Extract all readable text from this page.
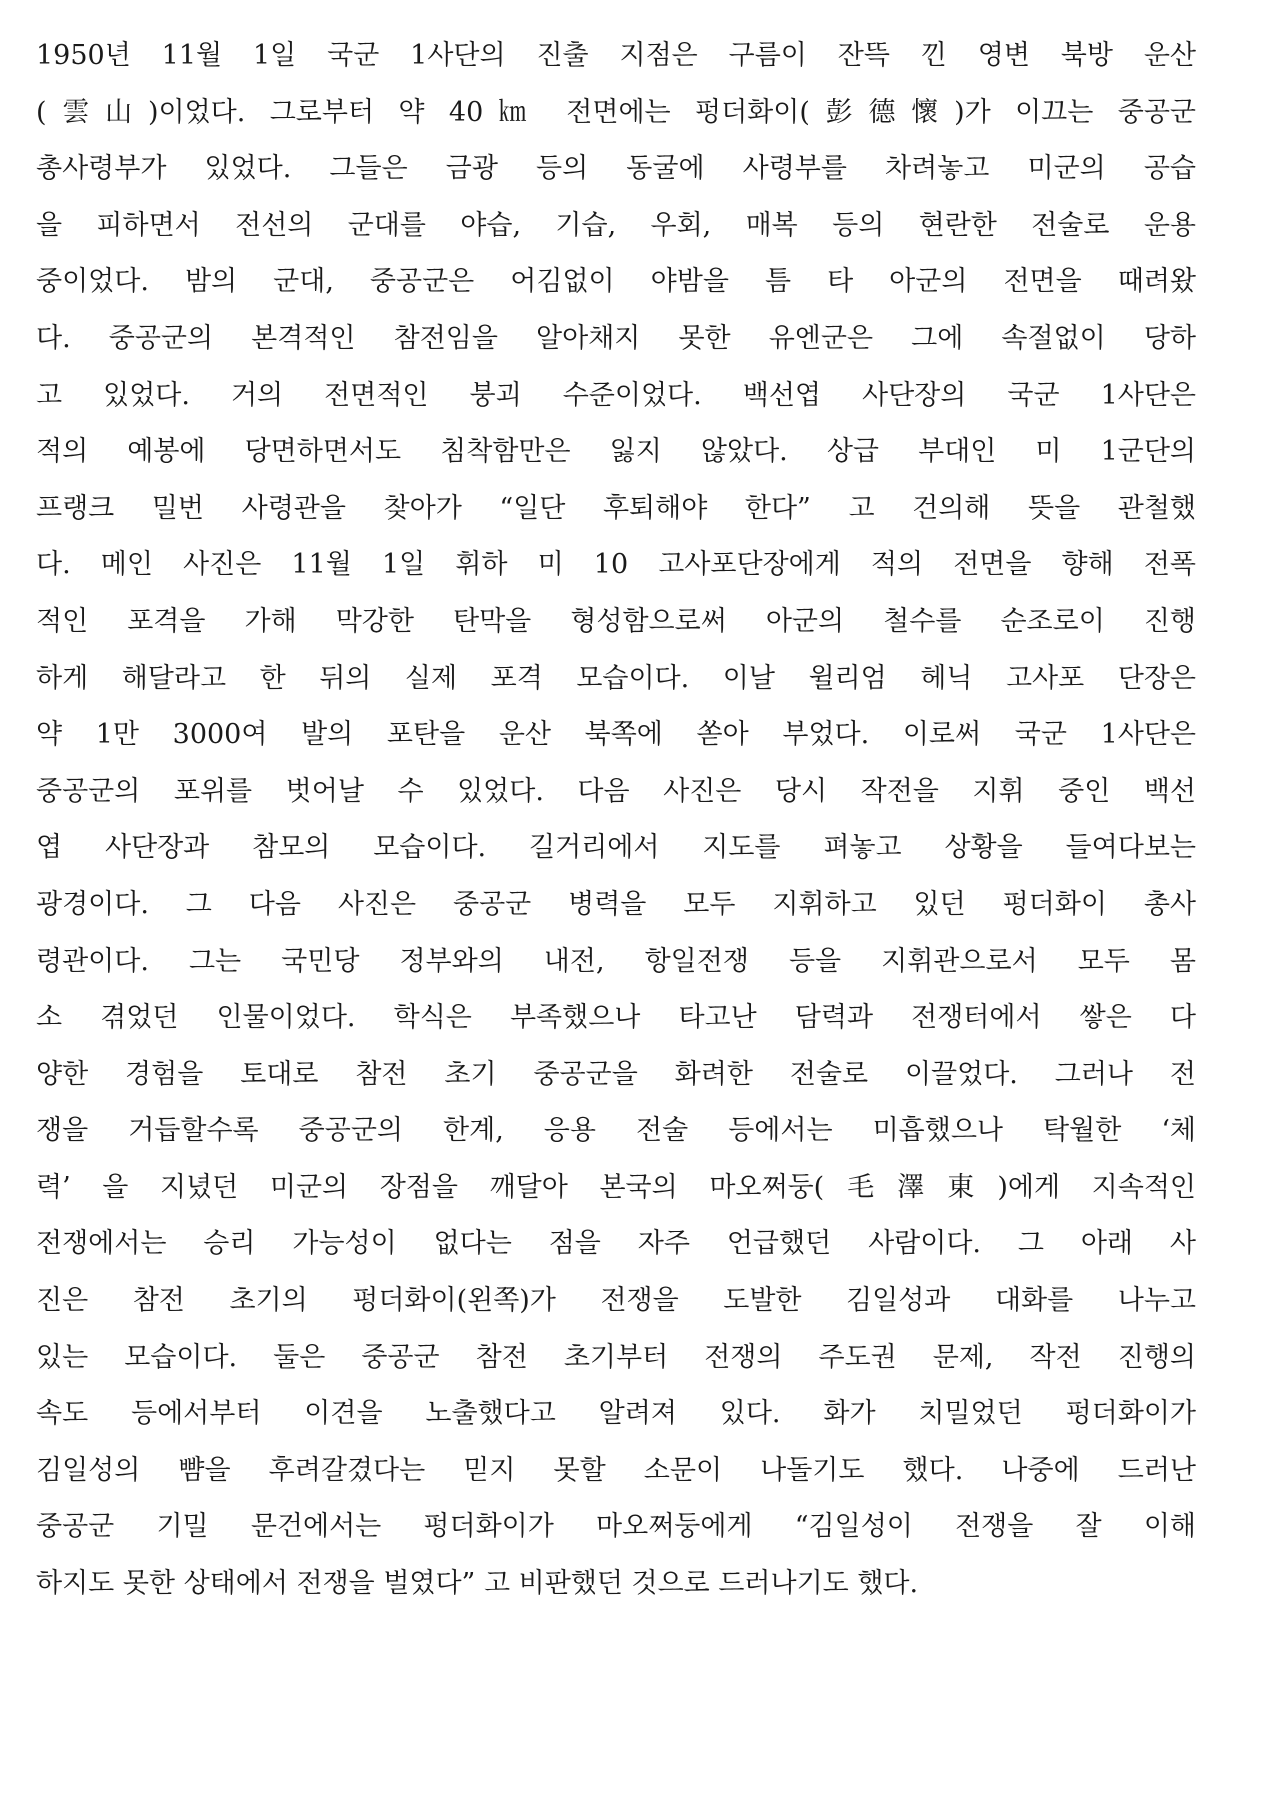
1950년 11월 1일 국군 1사단의 진출 지점은 구름이 잔뜩 낀 영변 북방 운산
(雲山)이었다. 그로부터 약 40㎞ 전면에는 펑더화이(彭德懷)가 이끄는 중공군
총사령부가 있었다. 그들은 금광 등의 동굴에 사령부를 차려놓고 미군의 공습
을 피하면서 전선의 군대를 야습, 기습, 우회, 매복 등의 현란한 전술로 운용
중이었다. 밤의 군대, 중공군은 어김없이 야밤을 틈 타 아군의 전면을 때려왔
다. 중공군의 본격적인 참전임을 알아채지 못한 유엔군은 그에 속절없이 당하
고 있었다. 거의 전면적인 붕괴 수준이었다. 백선엽 사단장의 국군 1사단은
적의 예봉에 당면하면서도 침착함만은 잃지 않았다. 상급 부대인 미 1군단의
프랭크 밀번 사령관을 찾아가 “일단 후퇴해야 한다” 고 건의해 뜻을 관철했
다. 메인 사진은 11월 1일 휘하 미 10 고사포단장에게 적의 전면을 향해 전폭
적인 포격을 가해 막강한 탄막을 형성함으로써 아군의 철수를 순조로이 진행
하게 해달라고 한 뒤의 실제 포격 모습이다. 이날 윌리엄 헤닉 고사포 단장은
약 1만 3000여 발의 포탄을 운산 북쪽에 쏟아 부었다. 이로써 국군 1사단은
중공군의 포위를 벗어날 수 있었다. 다음 사진은 당시 작전을 지휘 중인 백선
엽 사단장과 참모의 모습이다. 길거리에서 지도를 펴놓고 상황을 들여다보는
광경이다. 그 다음 사진은 중공군 병력을 모두 지휘하고 있던 펑더화이 총사
령관이다. 그는 국민당 정부와의 내전, 항일전쟁 등을 지휘관으로서 모두 몸
소 겪었던 인물이었다. 학식은 부족했으나 타고난 담력과 전쟁터에서 쌓은 다
양한 경험을 토대로 참전 초기 중공군을 화려한 전술로 이끌었다. 그러나 전
쟁을 거듭할수록 중공군의 한계, 응용 전술 등에서는 미흡했으나 탁월한 ‘체
력’ 을 지녔던 미군의 장점을 깨달아 본국의 마오쩌둥(毛澤東)에게 지속적인
전쟁에서는 승리 가능성이 없다는 점을 자주 언급했던 사람이다. 그 아래 사
진은 참전 초기의 펑더화이(왼쪽)가 전쟁을 도발한 김일성과 대화를 나누고
있는 모습이다. 둘은 중공군 참전 초기부터 전쟁의 주도권 문제, 작전 진행의
속도 등에서부터 이견을 노출했다고 알려져 있다. 화가 치밀었던 펑더화이가
김일성의 뺨을 후려갈겼다는 믿지 못할 소문이 나돌기도 했다. 나중에 드러난
중공군 기밀 문건에서는 펑더화이가 마오쩌둥에게 “김일성이 전쟁을 잘 이해
하지도 못한 상태에서 전쟁을 벌였다” 고 비판했던 것으로 드러나기도 했다.
